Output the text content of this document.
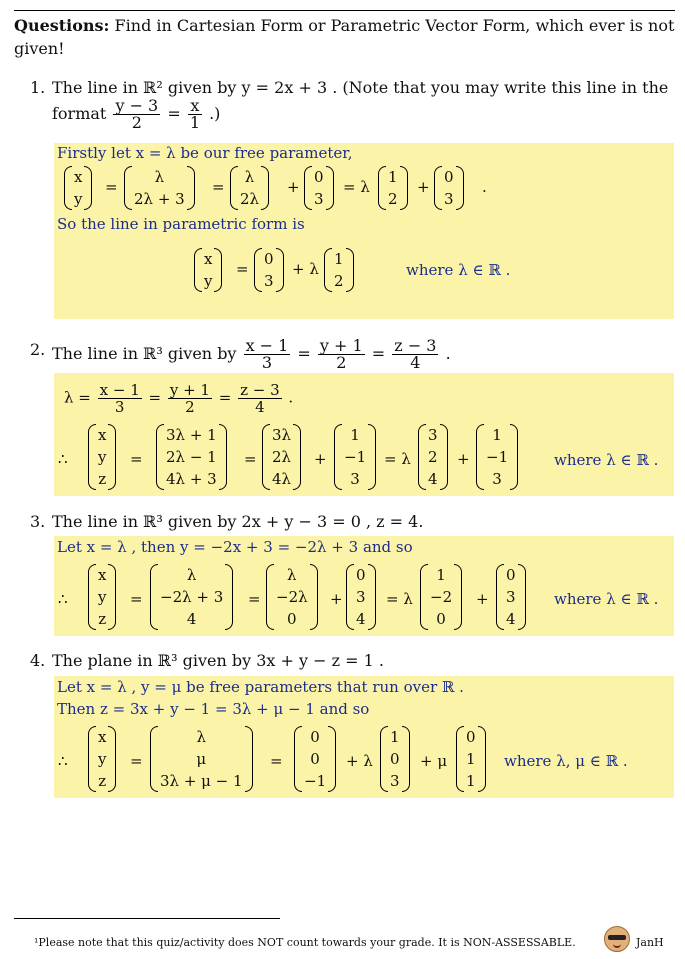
Questions: Find in Cartesian Form or Parametric Vector Form, which ever is not given!
1. The line in ℝ² given by y = 2x + 3 . (Note that you may write this line in the
format $\frac{y - 3}{2} = \frac{x}{1}$ .)
Firstly let x = λ be our free parameter,
x
y
=
λ
2λ + 3
=
λ
2λ
+
0
3
= λ
1
2
+
0
3
.
So the line in parametric form is
x
y
=
0
3
+ λ
1
2
where λ ∈ ℝ .
2. The line in ℝ³ given by $\frac{x - 1}{3} = \frac{y + 1}{2} = \frac{z - 3}{4}$ .
$\lambda = \frac{x - 1}{3} = \frac{y + 1}{2} = \frac{z - 3}{4}$ .
∴
x
y
z
=
3λ + 1
2λ − 1
4λ + 3
=
3λ
2λ
4λ
+
1
−1
3
= λ
3
2
4
+
1
−1
3
where λ ∈ ℝ .
3. The line in ℝ³ given by 2x + y − 3 = 0 , z = 4.
Let x = λ , then y = −2x + 3 = −2λ + 3 and so
∴
x
y
z
=
λ
−2λ + 3
4
=
λ
−2λ
0
+
0
3
4
= λ
1
−2
0
+
0
3
4
where λ ∈ ℝ .
4. The plane in ℝ³ given by 3x + y − z = 1 .
Let x = λ , y = μ be free parameters that run over ℝ .
Then z = 3x + y − 1 = 3λ + μ − 1 and so
∴
x
y
z
=
λ
μ
3λ + μ − 1
=
0
0
−1
+ λ
1
0
3
+ μ
0
1
1
where λ, μ ∈ ℝ .
¹Please note that this quiz/activity does NOT count towards your grade. It is NON-ASSESSABLE.	JanH
